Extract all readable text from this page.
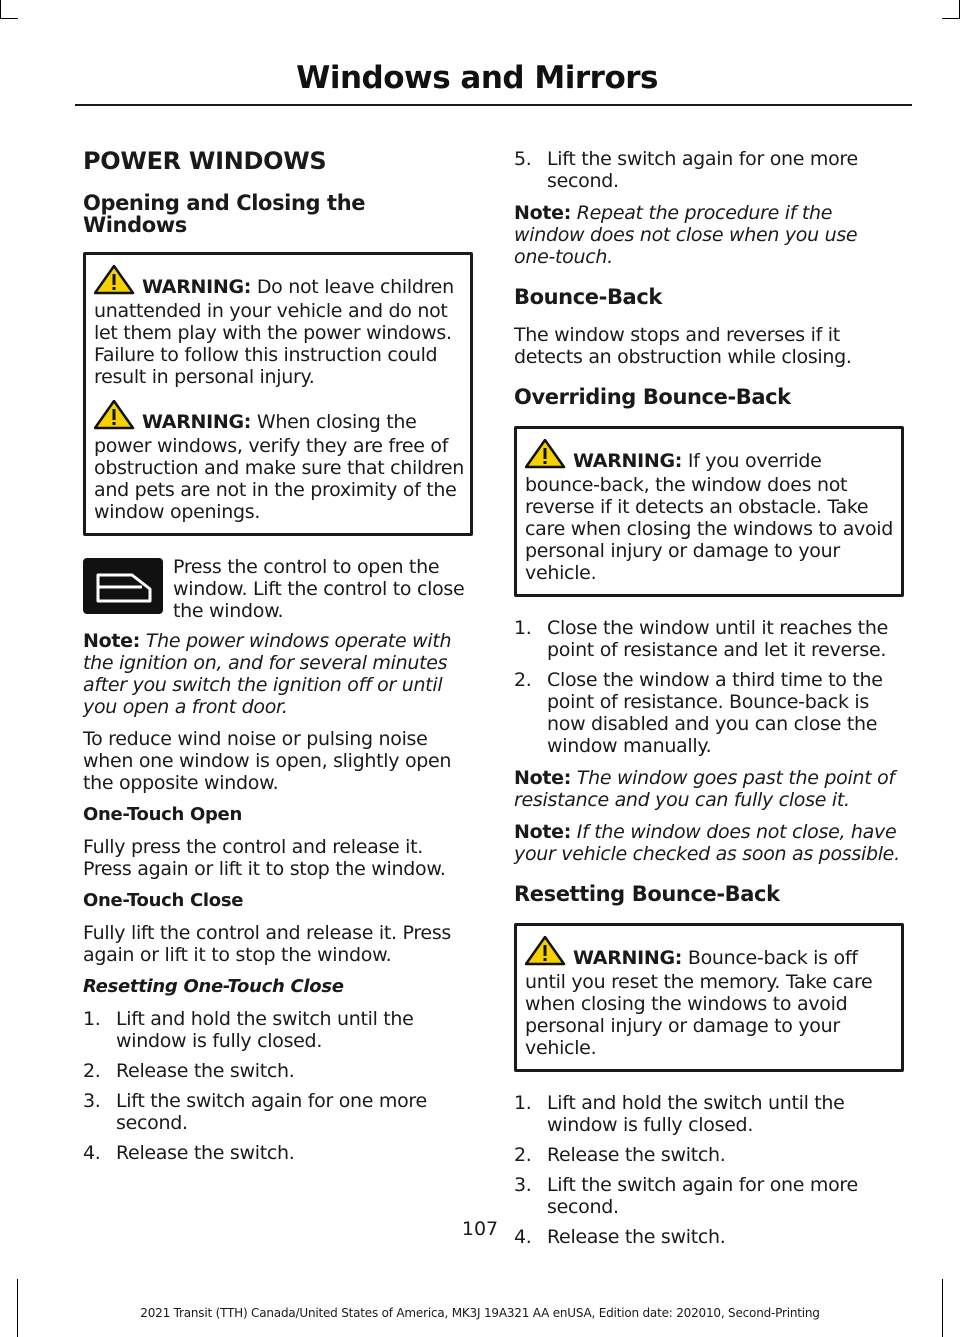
Windows and Mirrors
POWER WINDOWS
Opening and Closing the Windows

WARNING: Do not leave children unattended in your vehicle and do not let them play with the power windows. Failure to follow this instruction could result in personal injury.

WARNING: When closing the power windows, verify they are free of obstruction and make sure that children and pets are not in the proximity of the window openings.

Press the control to open the window. Lift the control to close the window.

Note: The power windows operate with the ignition on, and for several minutes after you switch the ignition off or until you open a front door.

To reduce wind noise or pulsing noise when one window is open, slightly open the opposite window.

One-Touch Open

Fully press the control and release it. Press again or lift it to stop the window.

One-Touch Close

Fully lift the control and release it. Press again or lift it to stop the window.

Resetting One-Touch Close
1. Lift and hold the switch until the window is fully closed.
2. Release the switch.
3. Lift the switch again for one more second.
4. Release the switch.
5. Lift the switch again for one more second.

Note: Repeat the procedure if the window does not close when you use one-touch.

Bounce-Back

The window stops and reverses if it detects an obstruction while closing.

Overriding Bounce-Back

WARNING: If you override bounce-back, the window does not reverse if it detects an obstacle. Take care when closing the windows to avoid personal injury or damage to your vehicle.

1. Close the window until it reaches the point of resistance and let it reverse.
2. Close the window a third time to the point of resistance. Bounce-back is now disabled and you can close the window manually.

Note: The window goes past the point of resistance and you can fully close it.

Note: If the window does not close, have your vehicle checked as soon as possible.

Resetting Bounce-Back

WARNING: Bounce-back is off until you reset the memory. Take care when closing the windows to avoid personal injury or damage to your vehicle.

1. Lift and hold the switch until the window is fully closed.
2. Release the switch.
3. Lift the switch again for one more second.
4. Release the switch.
107
2021 Transit (TTH) Canada/United States of America, MK3J 19A321 AA enUSA, Edition date: 202010, Second-Printing
